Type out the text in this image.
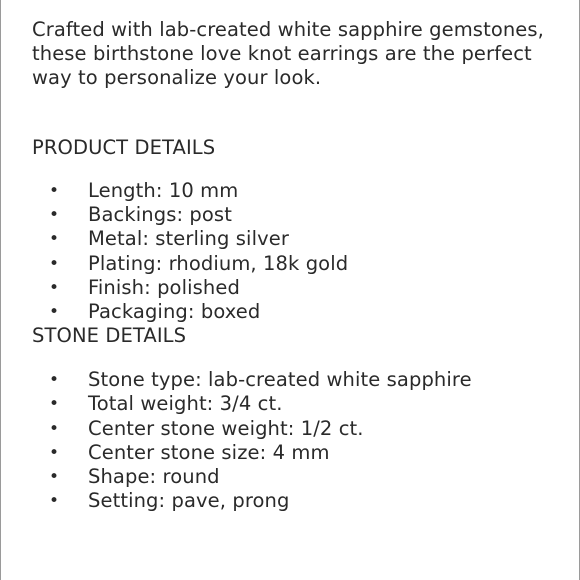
Crafted with lab-created white sapphire gemstones, these birthstone love knot earrings are the perfect way to personalize your look.

PRODUCT DETAILS
• Length: 10 mm
• Backings: post
• Metal: sterling silver
• Plating: rhodium, 18k gold
• Finish: polished
• Packaging: boxed
STONE DETAILS
• Stone type: lab-created white sapphire
• Total weight: 3/4 ct.
• Center stone weight: 1/2 ct.
• Center stone size: 4 mm
• Shape: round
• Setting: pave, prong
